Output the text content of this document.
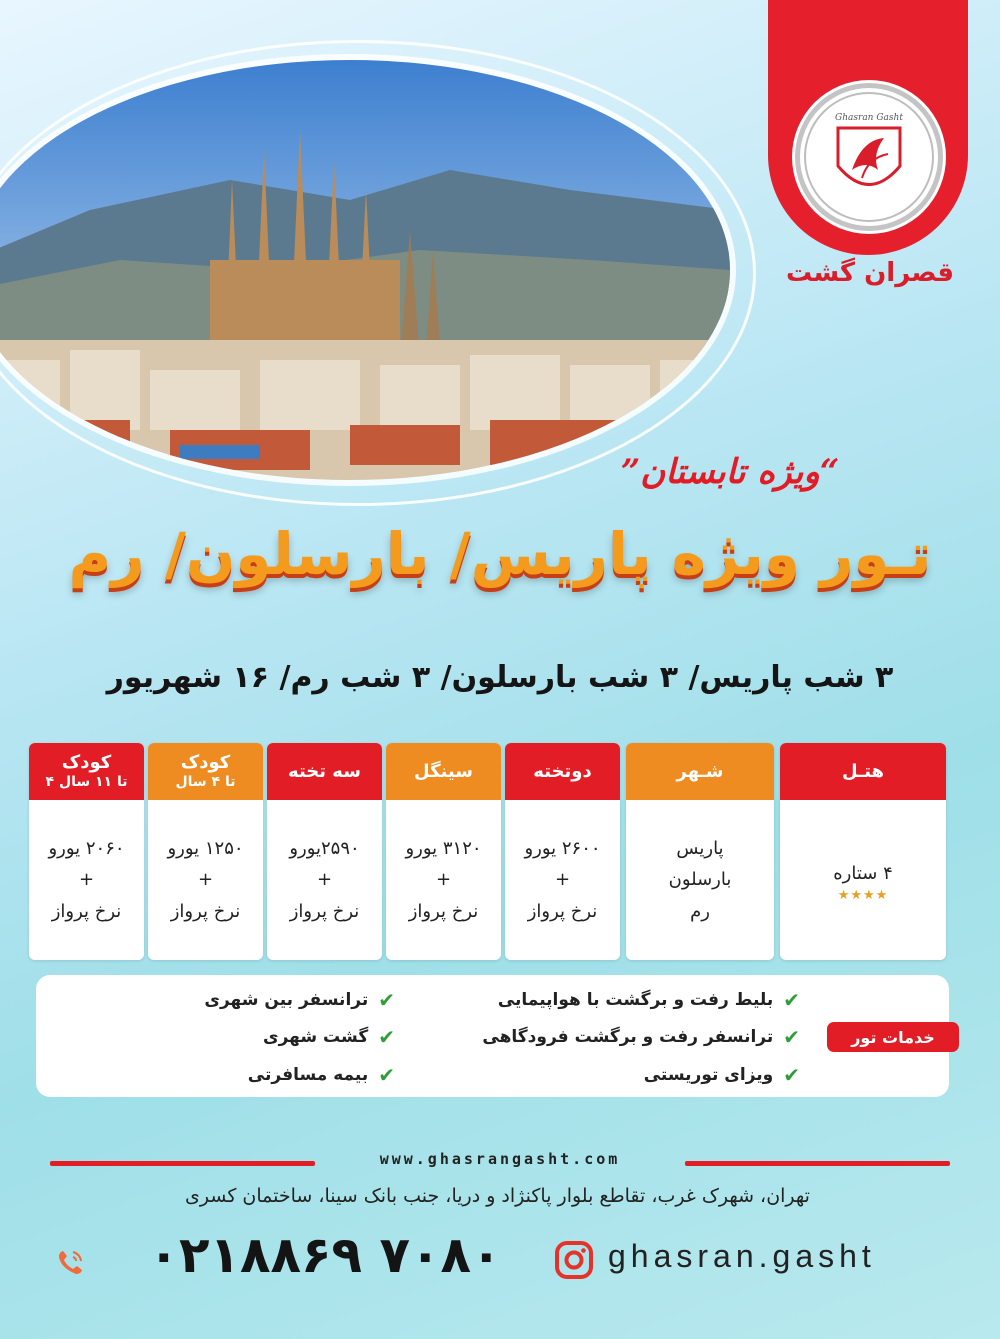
Ghasran Gasht
قصران گشت
”ویژه تابستان“
تـور ویژه پاریس/ بارسلون/ رم
۳ شب پاریس/ ۳ شب بارسلون/ ۳ شب رم/ ۱۶ شهریور
هتـل
۴ ستاره
★★★★
شـهر
پاریس
بارسلون
رم
دوتخته
۲۶۰۰ یورو
+
نرخ پرواز
سینگل
۳۱۲۰ یورو
+
نرخ پرواز
سه تخته
۲۵۹۰یورو
+
نرخ پرواز
کودک
تا ۴ سال
۱۲۵۰ یورو
+
نرخ پرواز
کودک
۴ تا ۱۱ سال
۲۰۶۰ یورو
+
نرخ پرواز
خدمات تور
✔
بلیط رفت و برگشت با هواپیمایی
✔
ترانسفر رفت و برگشت فرودگاهی
✔
ویزای توریستی
✔
ترانسفر بین شهری
✔
گشت شهری
✔
بیمه مسافرتی
www.ghasrangasht.com
تهران، شهرک غرب، تقاطع بلوار پاکنژاد و دریا، جنب بانک سینا، ساختمان کسری
۰۲۱۸۸۶۹ ۷۰۸۰	ghasran.gasht
